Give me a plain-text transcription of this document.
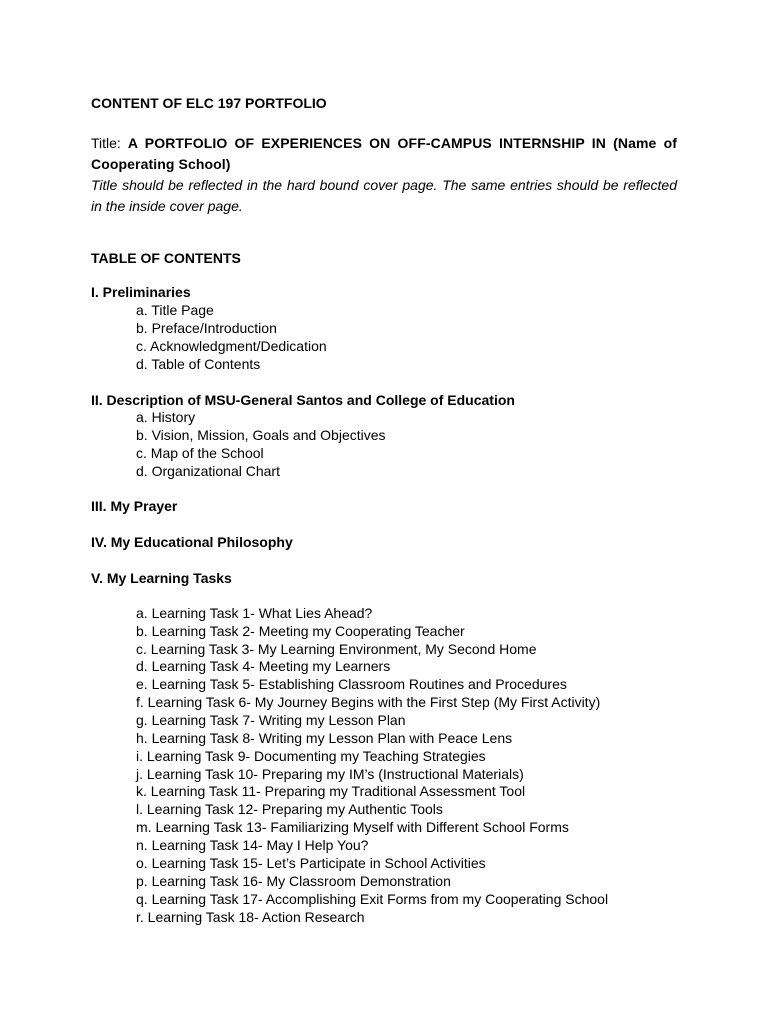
CONTENT OF ELC 197 PORTFOLIO
Title: A PORTFOLIO OF EXPERIENCES ON OFF-CAMPUS INTERNSHIP IN (Name of Cooperating School)
Title should be reflected in the hard bound cover page. The same entries should be reflected in the inside cover page.
TABLE OF CONTENTS
I. Preliminaries
a. Title Page
b. Preface/Introduction
c. Acknowledgment/Dedication
d. Table of Contents
II. Description of MSU-General Santos and College of Education
a. History
b. Vision, Mission, Goals and Objectives
c. Map of the School
d. Organizational Chart
III. My Prayer
IV. My Educational Philosophy
V. My Learning Tasks
a. Learning Task 1- What Lies Ahead?
b. Learning Task 2- Meeting my Cooperating Teacher
c. Learning Task 3- My Learning Environment, My Second Home
d. Learning Task 4- Meeting my Learners
e. Learning Task 5- Establishing Classroom Routines and Procedures
f. Learning Task 6- My Journey Begins with the First Step (My First Activity)
g. Learning Task 7- Writing my Lesson Plan
h. Learning Task 8- Writing my Lesson Plan with Peace Lens
i. Learning Task 9- Documenting my Teaching Strategies
j. Learning Task 10- Preparing my IM’s (Instructional Materials)
k. Learning Task 11- Preparing my Traditional Assessment Tool
l. Learning Task 12- Preparing my Authentic Tools
m. Learning Task 13- Familiarizing Myself with Different School Forms
n. Learning Task 14- May I Help You?
o. Learning Task 15- Let’s Participate in School Activities
p. Learning Task 16- My Classroom Demonstration
q. Learning Task 17- Accomplishing Exit Forms from my Cooperating School
r. Learning Task 18- Action Research
